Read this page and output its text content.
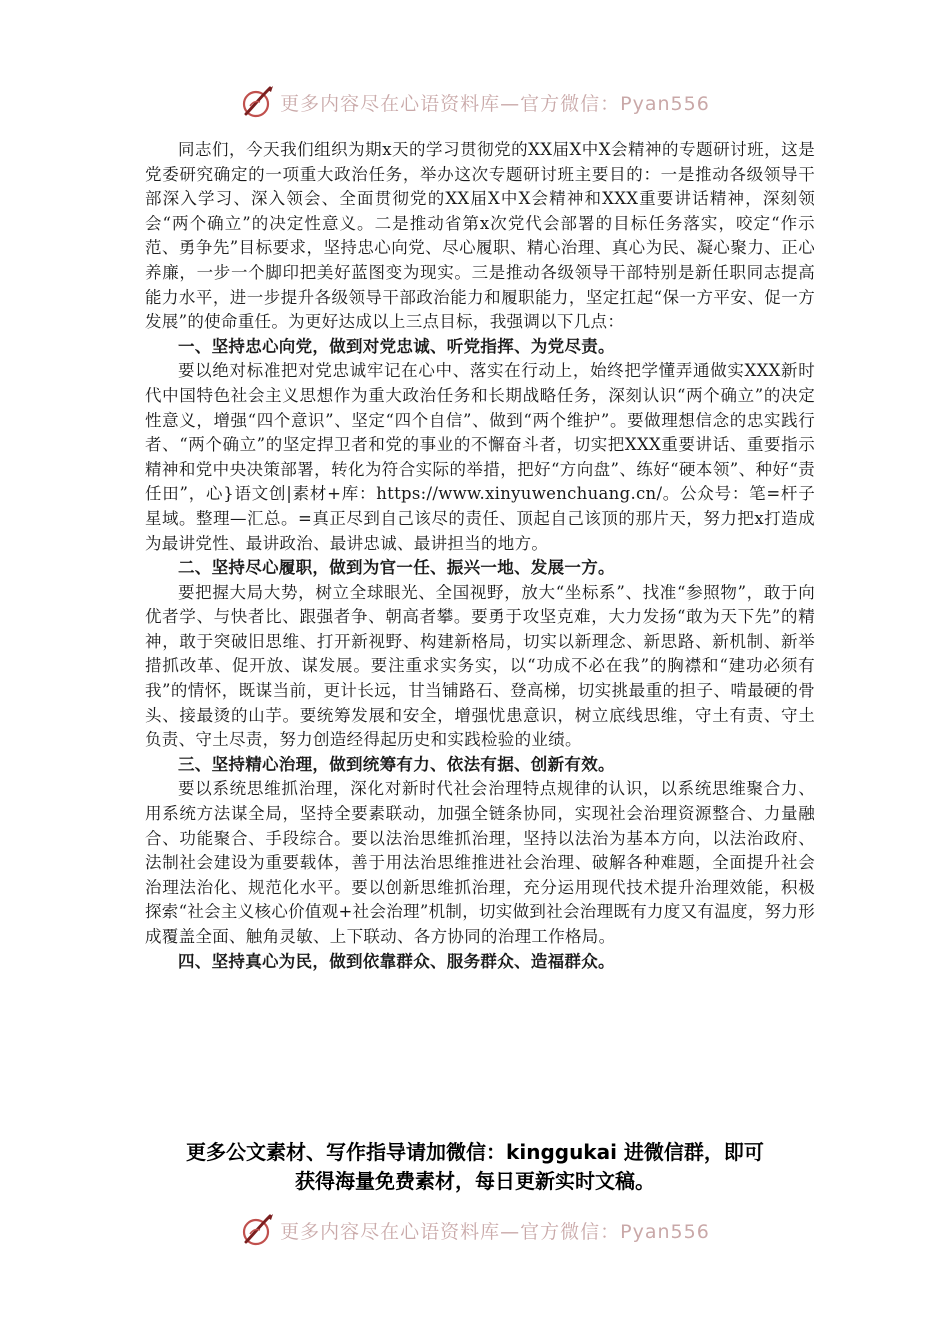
更多内容尽在心语资料库—官方微信：Pyan556

同志们，今天我们组织为期x天的学习贯彻党的XX届X中X会精神的专题研讨班，这是党委研究确定的一项重大政治任务，举办这次专题研讨班主要目的：一是推动各级领导干部深入学习、深入领会、全面贯彻党的XX届X中X会精神和XXX重要讲话精神，深刻领会“两个确立”的决定性意义。二是推动省第x次党代会部署的目标任务落实，咬定“作示范、勇争先”目标要求，坚持忠心向党、尽心履职、精心治理、真心为民、凝心聚力、正心养廉，一步一个脚印把美好蓝图变为现实。三是推动各级领导干部特别是新任职同志提高能力水平，进一步提升各级领导干部政治能力和履职能力，坚定扛起“保一方平安、促一方发展”的使命重任。为更好达成以上三点目标，我强调以下几点：

一、坚持忠心向党，做到对党忠诚、听党指挥、为党尽责。

要以绝对标准把对党忠诚牢记在心中、落实在行动上，始终把学懂弄通做实XXX新时代中国特色社会主义思想作为重大政治任务和长期战略任务，深刻认识“两个确立”的决定性意义，增强“四个意识”、坚定“四个自信”、做到“两个维护”。要做理想信念的忠实践行者、“两个确立”的坚定捍卫者和党的事业的不懈奋斗者，切实把XXX重要讲话、重要指示精神和党中央决策部署，转化为符合实际的举措，把好“方向盘”、练好“硬本领”、种好“责任田”，心}语文创|素材+库：https://www.xinyuwenchuang.cn/。公众号：笔=杆子星域。整理—汇总。=真正尽到自己该尽的责任、顶起自己该顶的那片天，努力把x打造成为最讲党性、最讲政治、最讲忠诚、最讲担当的地方。

二、坚持尽心履职，做到为官一任、振兴一地、发展一方。

要把握大局大势，树立全球眼光、全国视野，放大“坐标系”、找准“参照物”，敢于向优者学、与快者比、跟强者争、朝高者攀。要勇于攻坚克难，大力发扬“敢为天下先”的精神，敢于突破旧思维、打开新视野、构建新格局，切实以新理念、新思路、新机制、新举措抓改革、促开放、谋发展。要注重求实务实，以“功成不必在我”的胸襟和“建功必须有我”的情怀，既谋当前，更计长远，甘当铺路石、登高梯，切实挑最重的担子、啃最硬的骨头、接最烫的山芋。要统筹发展和安全，增强忧患意识，树立底线思维，守土有责、守土负责、守土尽责，努力创造经得起历史和实践检验的业绩。

三、坚持精心治理，做到统筹有力、依法有据、创新有效。

要以系统思维抓治理，深化对新时代社会治理特点规律的认识，以系统思维聚合力、用系统方法谋全局，坚持全要素联动，加强全链条协同，实现社会治理资源整合、力量融合、功能聚合、手段综合。要以法治思维抓治理，坚持以法治为基本方向，以法治政府、法制社会建设为重要载体，善于用法治思维推进社会治理、破解各种难题，全面提升社会治理法治化、规范化水平。要以创新思维抓治理，充分运用现代技术提升治理效能，积极探索“社会主义核心价值观+社会治理”机制，切实做到社会治理既有力度又有温度，努力形成覆盖全面、触角灵敏、上下联动、各方协同的治理工作格局。

四、坚持真心为民，做到依靠群众、服务群众、造福群众。

更多公文素材、写作指导请加微信：kinggukai 进微信群，即可
获得海量免费素材，每日更新实时文稿。
更多内容尽在心语资料库—官方微信：Pyan556
